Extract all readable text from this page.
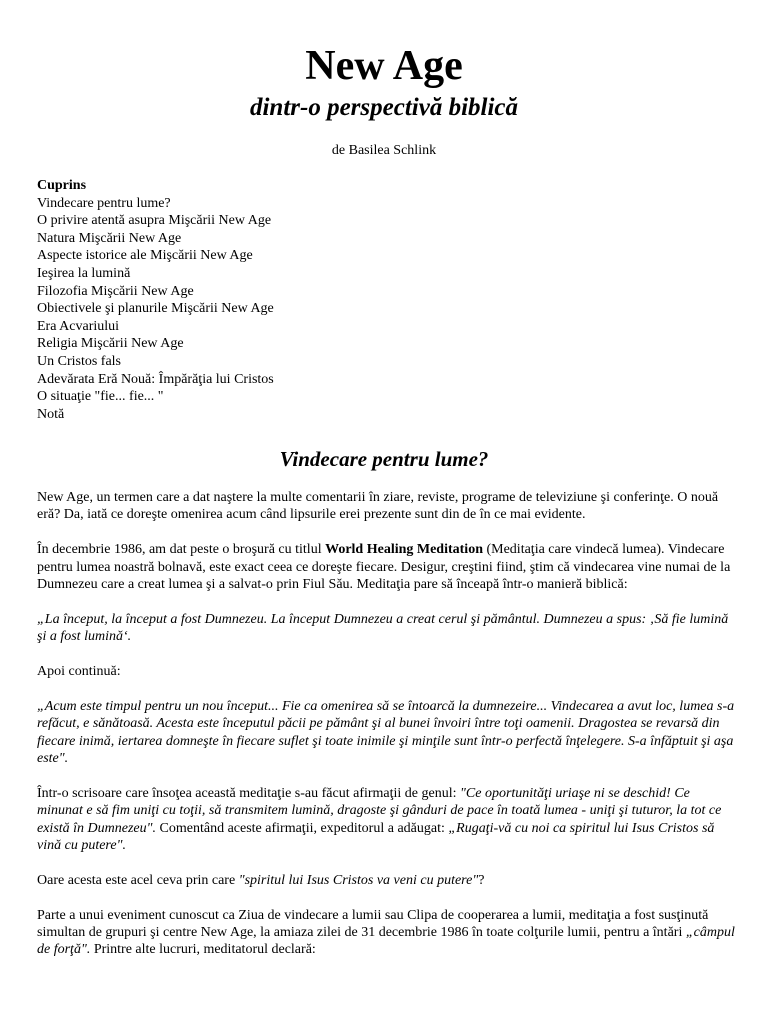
New Age
dintr-o perspectivă biblică
de Basilea Schlink
Cuprins
Vindecare pentru lume?
O privire atentă asupra Mişcării New Age
Natura Mişcării New Age
Aspecte istorice ale Mişcării New Age
Ieşirea la lumină
Filozofia Mişcării New Age
Obiectivele şi planurile Mişcării New Age
Era Acvariului
Religia Mişcării New Age
Un Cristos fals
Adevărata Eră Nouă: Împărăţia lui Cristos
O situaţie "fie... fie... "
Notă
Vindecare pentru lume?

New Age, un termen care a dat naştere la multe comentarii în ziare, reviste, programe de televiziune şi conferinţe. O nouă eră? Da, iată ce doreşte omenirea acum când lipsurile erei prezente sunt din de în ce mai evidente.

În decembrie 1986, am dat peste o broşură cu titlul World Healing Meditation (Meditaţia care vindecă lumea). Vindecare pentru lumea noastră bolnavă, este exact ceea ce doreşte fiecare. Desigur, creştini fiind, ştim că vindecarea vine numai de la Dumnezeu care a creat lumea şi a salvat-o prin Fiul Său. Meditaţia pare să înceapă într-o manieră biblică:

„La început, la început a fost Dumnezeu. La început Dumnezeu a creat cerul şi pământul. Dumnezeu a spus: ‚Să fie lumină şi a fost lumină‘.

Apoi continuă:

„Acum este timpul pentru un nou început... Fie ca omenirea să se întoarcă la dumnezeire... Vindecarea a avut loc, lumea s-a refăcut, e sănătoasă. Acesta este începutul păcii pe pământ şi al bunei învoiri între toţi oamenii. Dragostea se revarsă din fiecare inimă, iertarea domneşte în fiecare suflet şi toate inimile şi minţile sunt într-o perfectă înţelegere. S-a înfăptuit şi aşa este".

Într-o scrisoare care însoţea această meditaţie s-au făcut afirmaţii de genul: "Ce oportunităţi uriaşe ni se deschid! Ce minunat e să fim uniţi cu toţii, să transmitem lumină, dragoste şi gânduri de pace în toată lumea - uniţi şi tuturor, la tot ce există în Dumnezeu". Comentând aceste afirmaţii, expeditorul a adăugat: „Rugaţi-vă cu noi ca spiritul lui Isus Cristos să vină cu putere".

Oare acesta este acel ceva prin care "spiritul lui Isus Cristos va veni cu putere"?

Parte a unui eveniment cunoscut ca Ziua de vindecare a lumii sau Clipa de cooperarea a lumii, meditaţia a fost susţinută simultan de grupuri şi centre New Age, la amiaza zilei de 31 decembrie 1986 în toate colţurile lumii, pentru a întări „câmpul de forţă". Printre alte lucruri, meditatorul declară:
